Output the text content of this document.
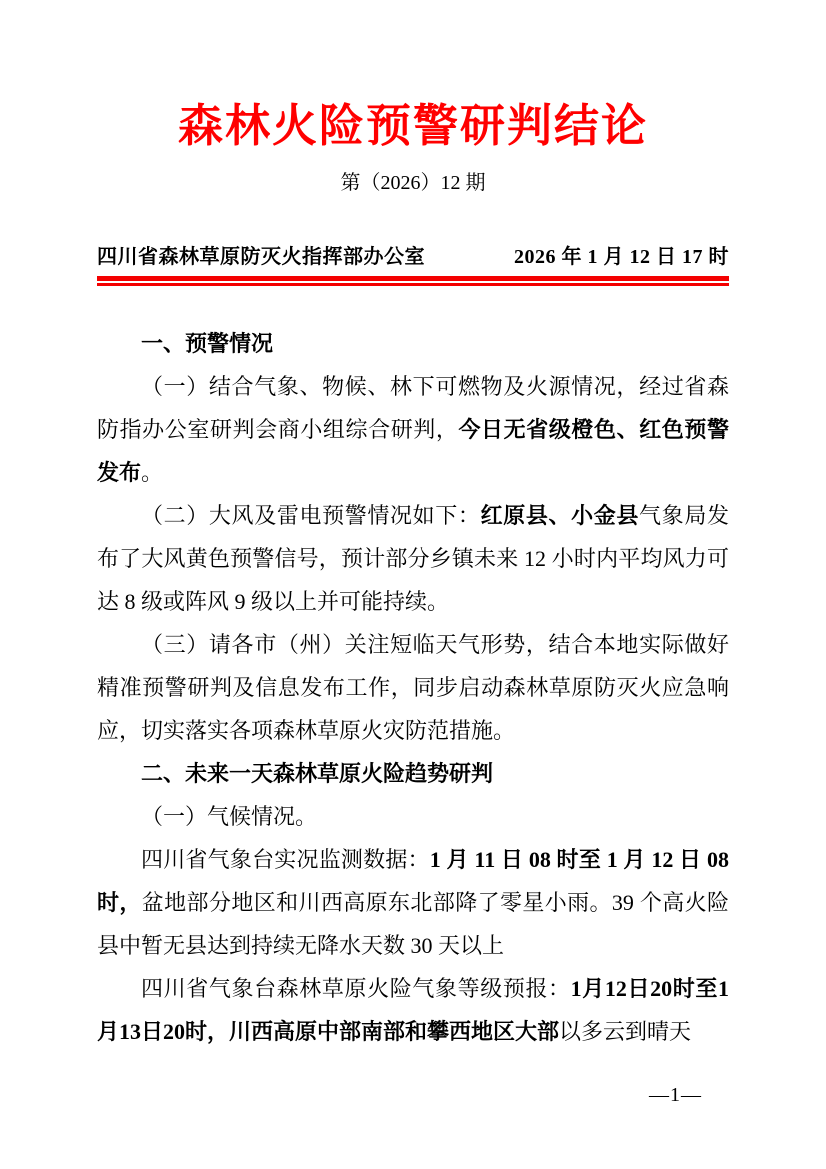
森林火险预警研判结论
第（2026）12 期
四川省森林草原防灭火指挥部办公室	2026 年 1 月 12 日 17 时

一、预警情况

（一）结合气象、物候、林下可燃物及火源情况，经过省森防指办公室研判会商小组综合研判，今日无省级橙色、红色预警发布。

（二）大风及雷电预警情况如下：红原县、小金县气象局发布了大风黄色预警信号，预计部分乡镇未来 12 小时内平均风力可达 8 级或阵风 9 级以上并可能持续。

（三）请各市（州）关注短临天气形势，结合本地实际做好精准预警研判及信息发布工作，同步启动森林草原防灭火应急响应，切实落实各项森林草原火灾防范措施。

二、未来一天森林草原火险趋势研判

（一）气候情况。

四川省气象台实况监测数据：1 月 11 日 08 时至 1 月 12 日 08 时，盆地部分地区和川西高原东北部降了零星小雨。39 个高火险县中暂无县达到持续无降水天数 30 天以上

四川省气象台森林草原火险气象等级预报：1月12日20时至1月13日20时，川西高原中部南部和攀西地区大部以多云到晴天

—1—
